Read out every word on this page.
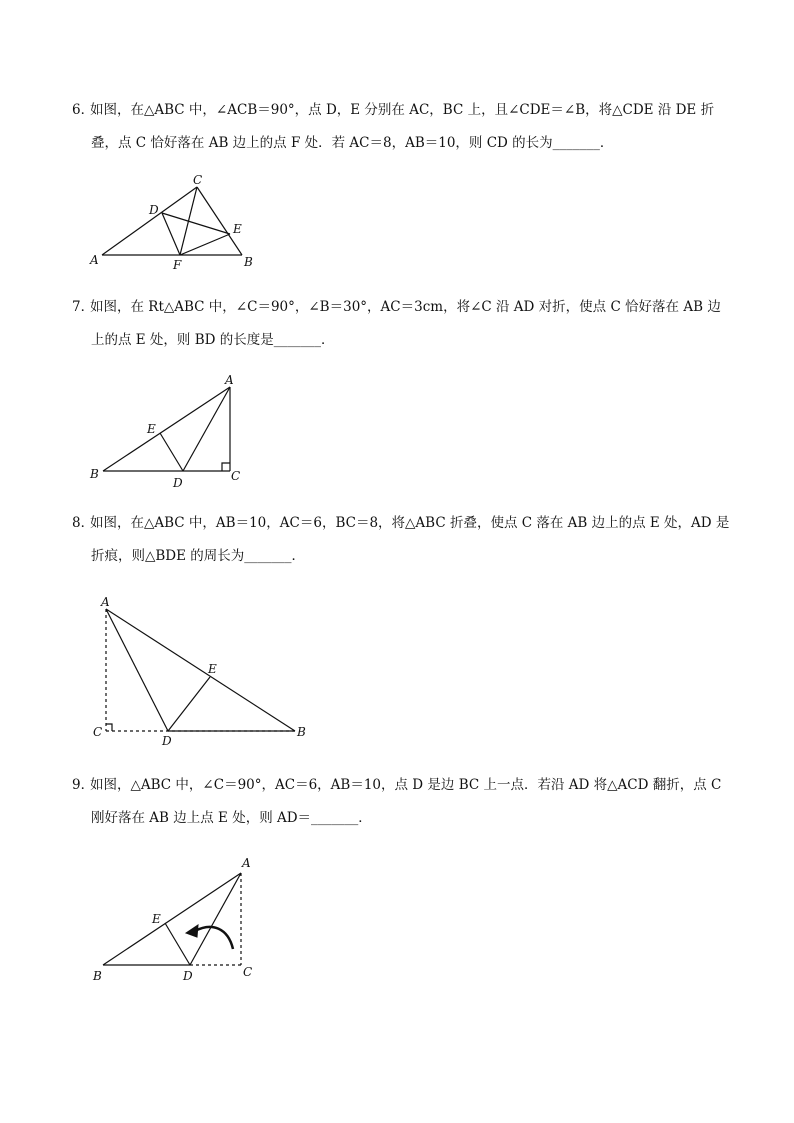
6．如图，在△ABC 中，∠ACB＝90°，点 D，E 分别在 AC，BC 上，且∠CDE＝∠B，将△CDE 沿 DE 折
叠，点 C 恰好落在 AB 边上的点 F 处．若 AC＝8，AB＝10，则 CD 的长为_______．
A	B
C
D
E
F
7．如图，在 Rt△ABC 中，∠C＝90°，∠B＝30°，AC＝3cm，将∠C 沿 AD 对折，使点 C 恰好落在 AB 边
上的点 E 处，则 BD 的长度是_______．
A
B	C
D
E
8．如图，在△ABC 中，AB＝10，AC＝6，BC＝8，将△ABC 折叠，使点 C 落在 AB 边上的点 E 处，AD 是
折痕，则△BDE 的周长为_______．
A
B
C
D
E
9．如图，△ABC 中，∠C＝90°，AC＝6，AB＝10，点 D 是边 BC 上一点．若沿 AD 将△ACD 翻折，点 C
刚好落在 AB 边上点 E 处，则 AD＝_______．
A
B	C
D
E
